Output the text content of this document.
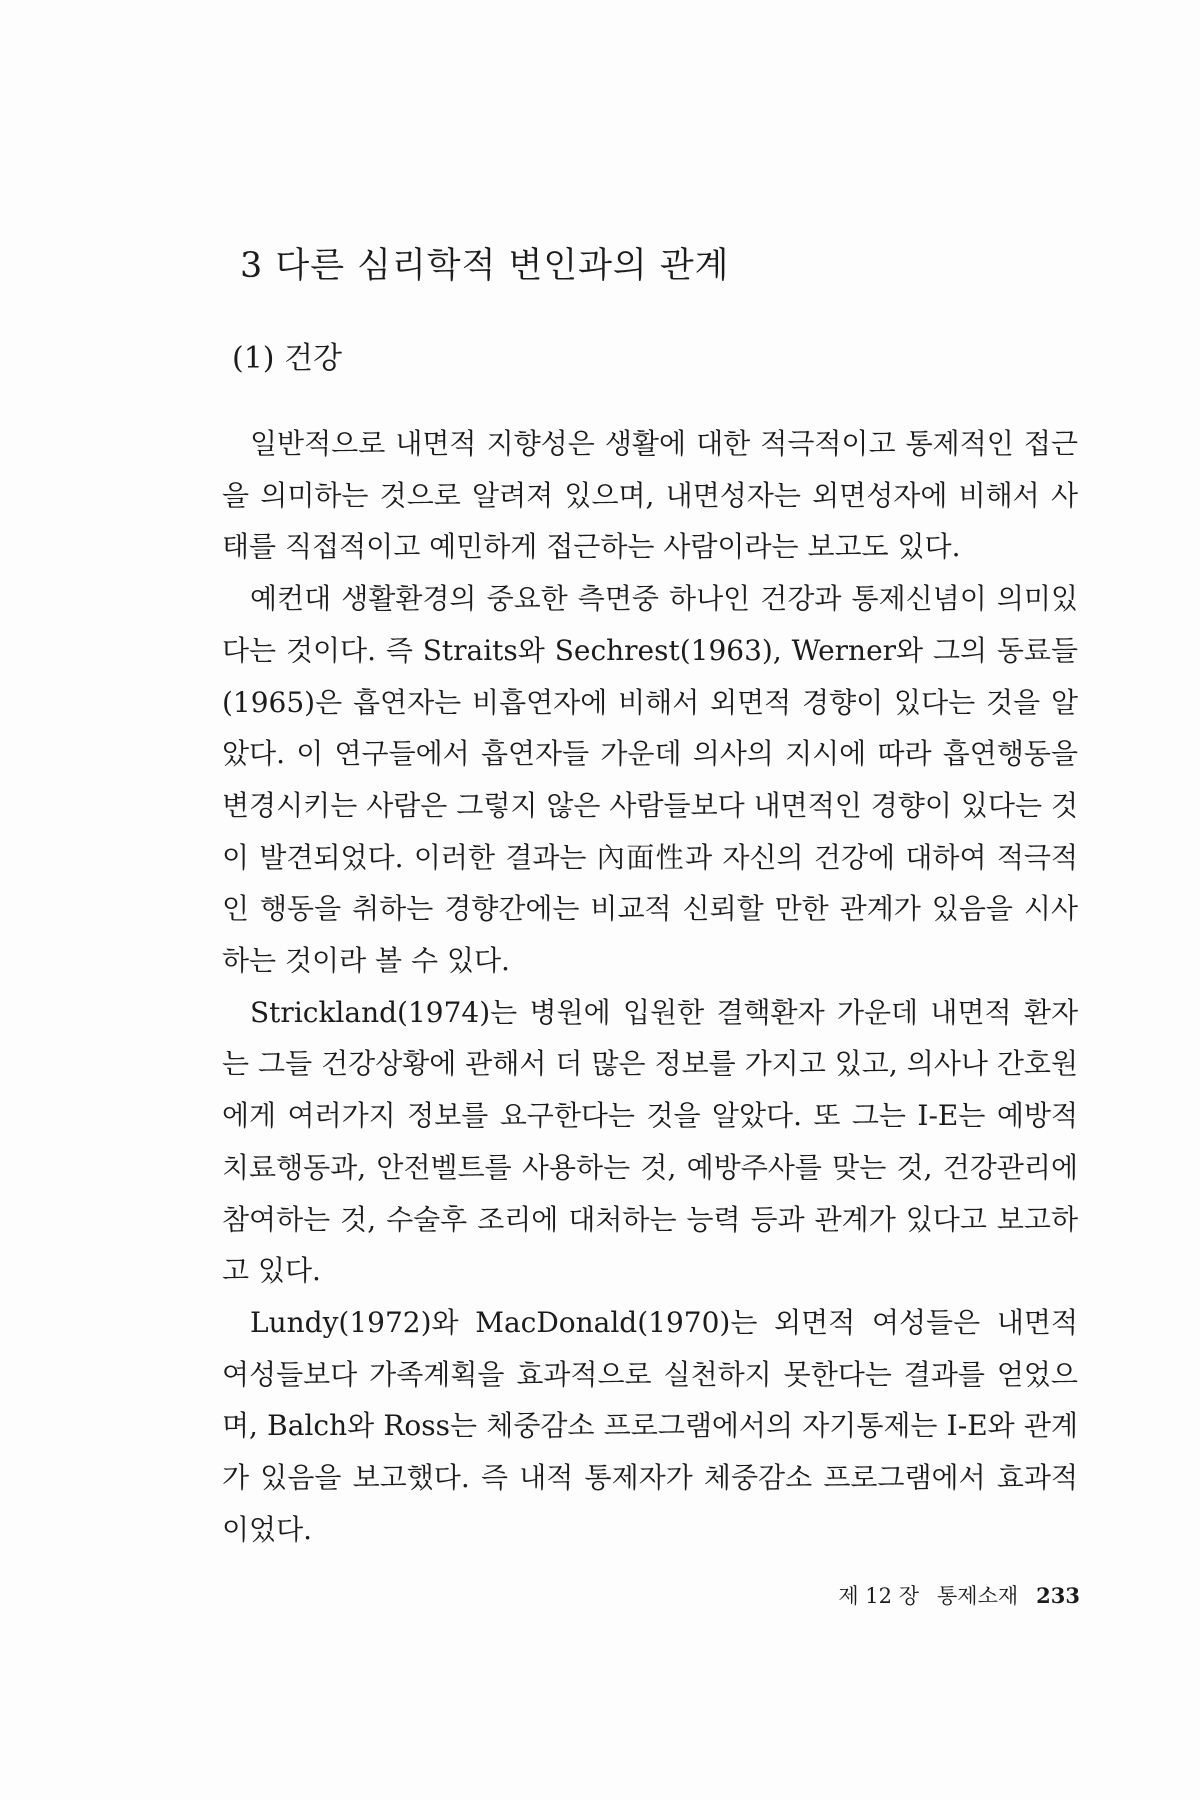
3 다른 심리학적 변인과의 관계
(1) 건강

일반적으로 내면적 지향성은 생활에 대한 적극적이고 통제적인 접근을 의미하는 것으로 알려져 있으며, 내면성자는 외면성자에 비해서 사태를 직접적이고 예민하게 접근하는 사람이라는 보고도 있다.

예컨대 생활환경의 중요한 측면중 하나인 건강과 통제신념이 의미있다는 것이다. 즉 Straits와 Sechrest(1963), Werner와 그의 동료들(1965)은 흡연자는 비흡연자에 비해서 외면적 경향이 있다는 것을 알았다. 이 연구들에서 흡연자들 가운데 의사의 지시에 따라 흡연행동을 변경시키는 사람은 그렇지 않은 사람들보다 내면적인 경향이 있다는 것이 발견되었다. 이러한 결과는 內面性과 자신의 건강에 대하여 적극적인 행동을 취하는 경향간에는 비교적 신뢰할 만한 관계가 있음을 시사하는 것이라 볼 수 있다.

Strickland(1974)는 병원에 입원한 결핵환자 가운데 내면적 환자는 그들 건강상황에 관해서 더 많은 정보를 가지고 있고, 의사나 간호원에게 여러가지 정보를 요구한다는 것을 알았다. 또 그는 I-E는 예방적 치료행동과, 안전벨트를 사용하는 것, 예방주사를 맞는 것, 건강관리에 참여하는 것, 수술후 조리에 대처하는 능력 등과 관계가 있다고 보고하고 있다.

Lundy(1972)와 MacDonald(1970)는 외면적 여성들은 내면적 여성들보다 가족계획을 효과적으로 실천하지 못한다는 결과를 얻었으며, Balch와 Ross는 체중감소 프로그램에서의 자기통제는 I-E와 관계가 있음을 보고했다. 즉 내적 통제자가 체중감소 프로그램에서 효과적이었다.

제 12 장 통제소재 233
